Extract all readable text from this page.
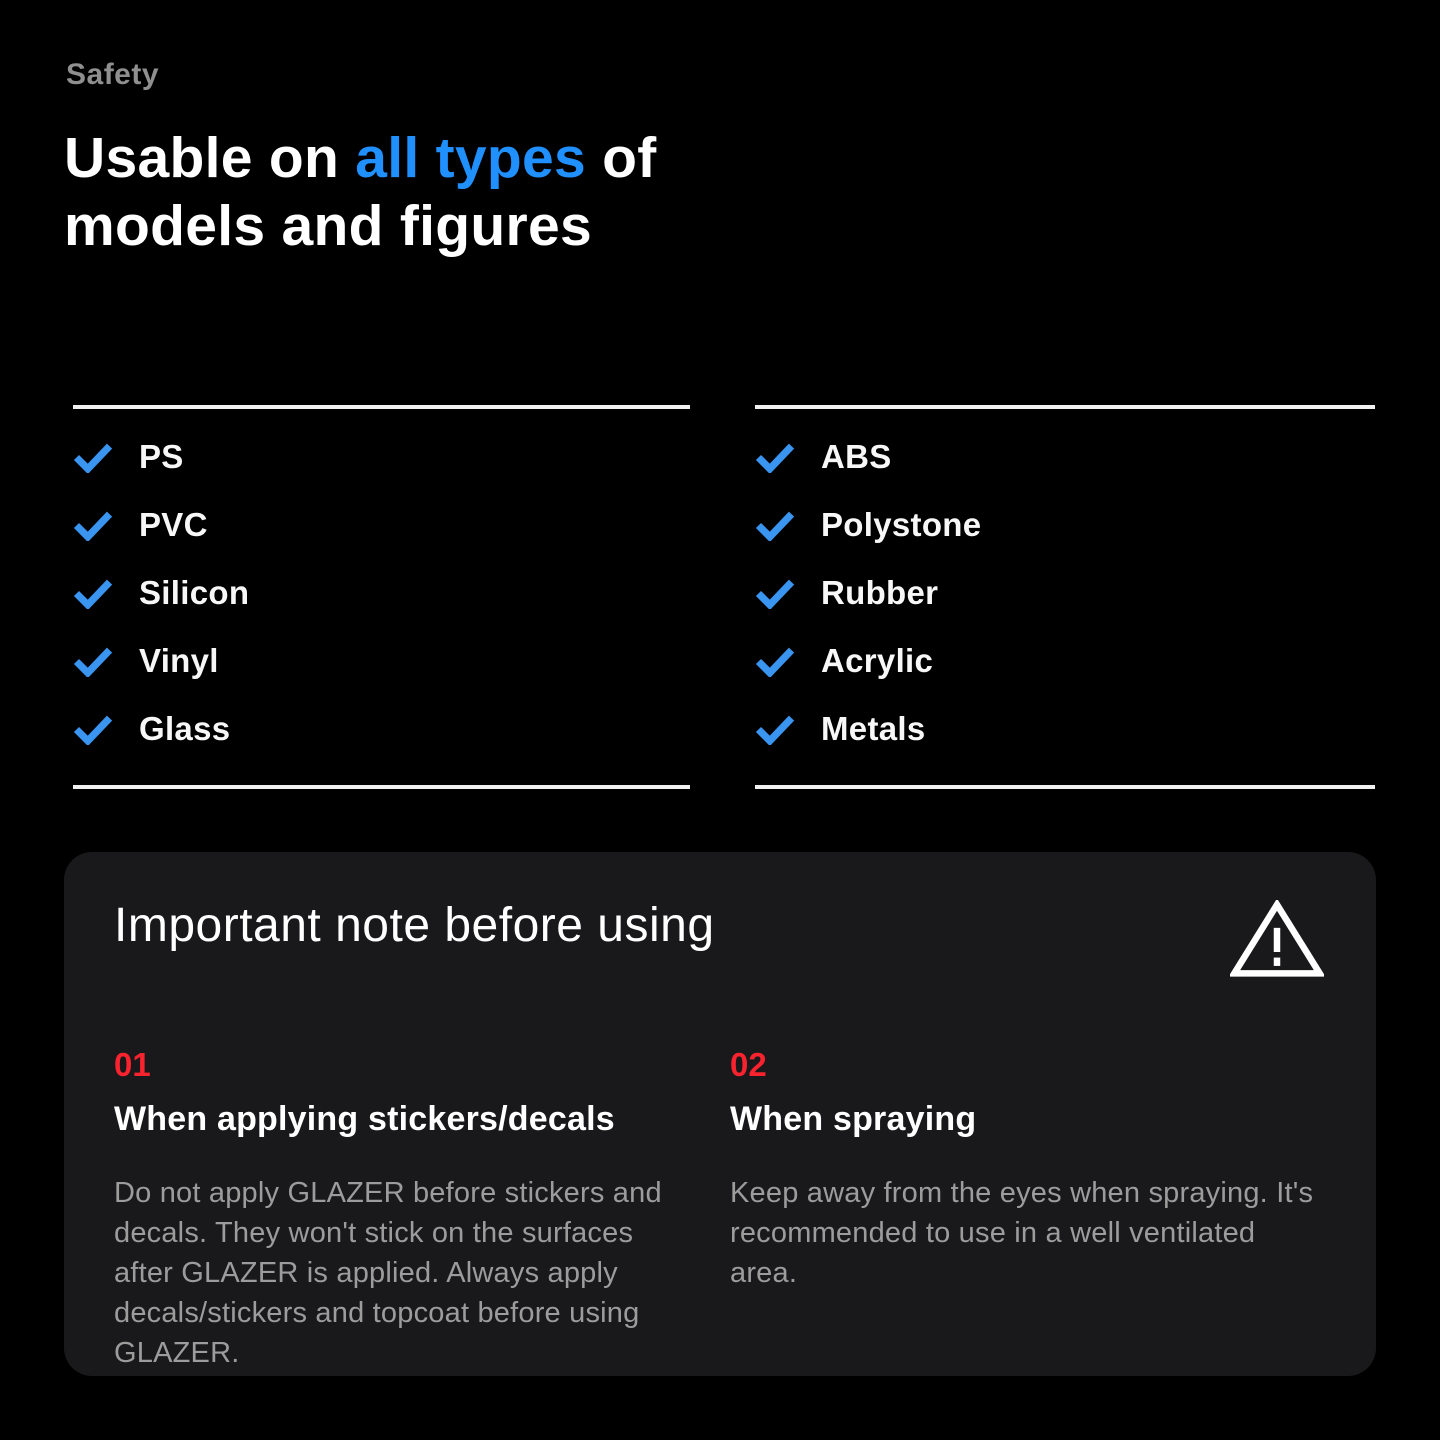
Safety
Usable on all types of
models and figures
PS
PVC
Silicon
Vinyl
Glass
ABS
Polystone
Rubber
Acrylic
Metals
Important note before using
01
When applying stickers/decals

Do not apply GLAZER before stickers and decals. They won't stick on the surfaces after GLAZER is applied. Always apply decals/stickers and topcoat before using GLAZER.

02
When spraying

Keep away from the eyes when spraying. It's recommended to use in a well ventilated area.
